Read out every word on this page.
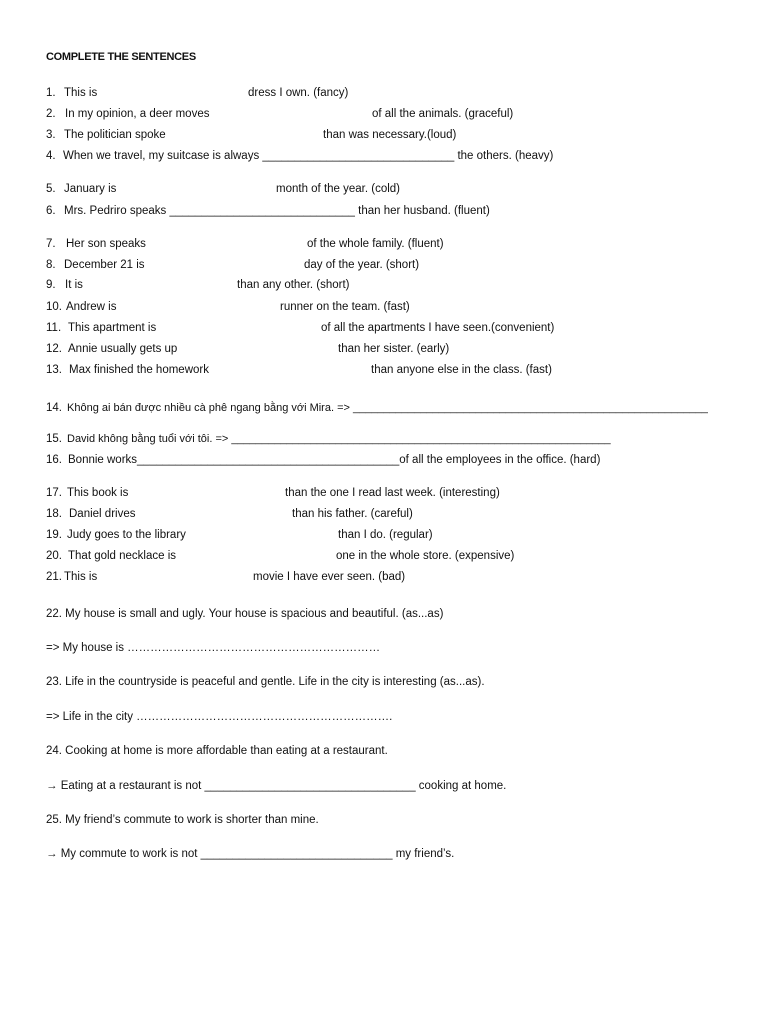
COMPLETE THE SENTENCES
1. This is	dress I own. (fancy)
2. In my opinion, a deer moves	of all the animals. (graceful)
3. The politician spoke	than was necessary.(loud)
4. When we travel, my suitcase is always ______________________________ the others. (heavy)
5. January is	month of the year. (cold)
6. Mrs. Pedriro speaks _____________________________ than her husband. (fluent)
7. Her son speaks	of the whole family. (fluent)
8. December 21 is	day of the year. (short)
9. It is	than any other. (short)
10. Andrew is	runner on the team. (fast)
11. This apartment is	of all the apartments I have seen.(convenient)
12. Annie usually gets up	than her sister. (early)
13. Max finished the homework	than anyone else in the class. (fast)
14. Không ai bán được nhiều cà phê ngang bằng với Mira. => __________________________________________________________
15. David không bằng tuổi với tôi. => ______________________________________________________________
16. Bonnie works_________________________________________of all the employees in the office. (hard)
17. This book is	than the one I read last week. (interesting)
18. Daniel drives	than his father. (careful)
19. Judy goes to the library	than I do. (regular)
20. That gold necklace is	one in the whole store. (expensive)
21. This is	movie I have ever seen. (bad)
22. My house is small and ugly. Your house is spacious and beautiful. (as...as)
=> My house is …………………………………………………………
23. Life in the countryside is peaceful and gentle. Life in the city is interesting (as...as).
=> Life in the city ………………………………………………………….
24. Cooking at home is more affordable than eating at a restaurant.
→ Eating at a restaurant is not _________________________________ cooking at home.
25. My friend’s commute to work is shorter than mine.
→ My commute to work is not ______________________________ my friend’s.
